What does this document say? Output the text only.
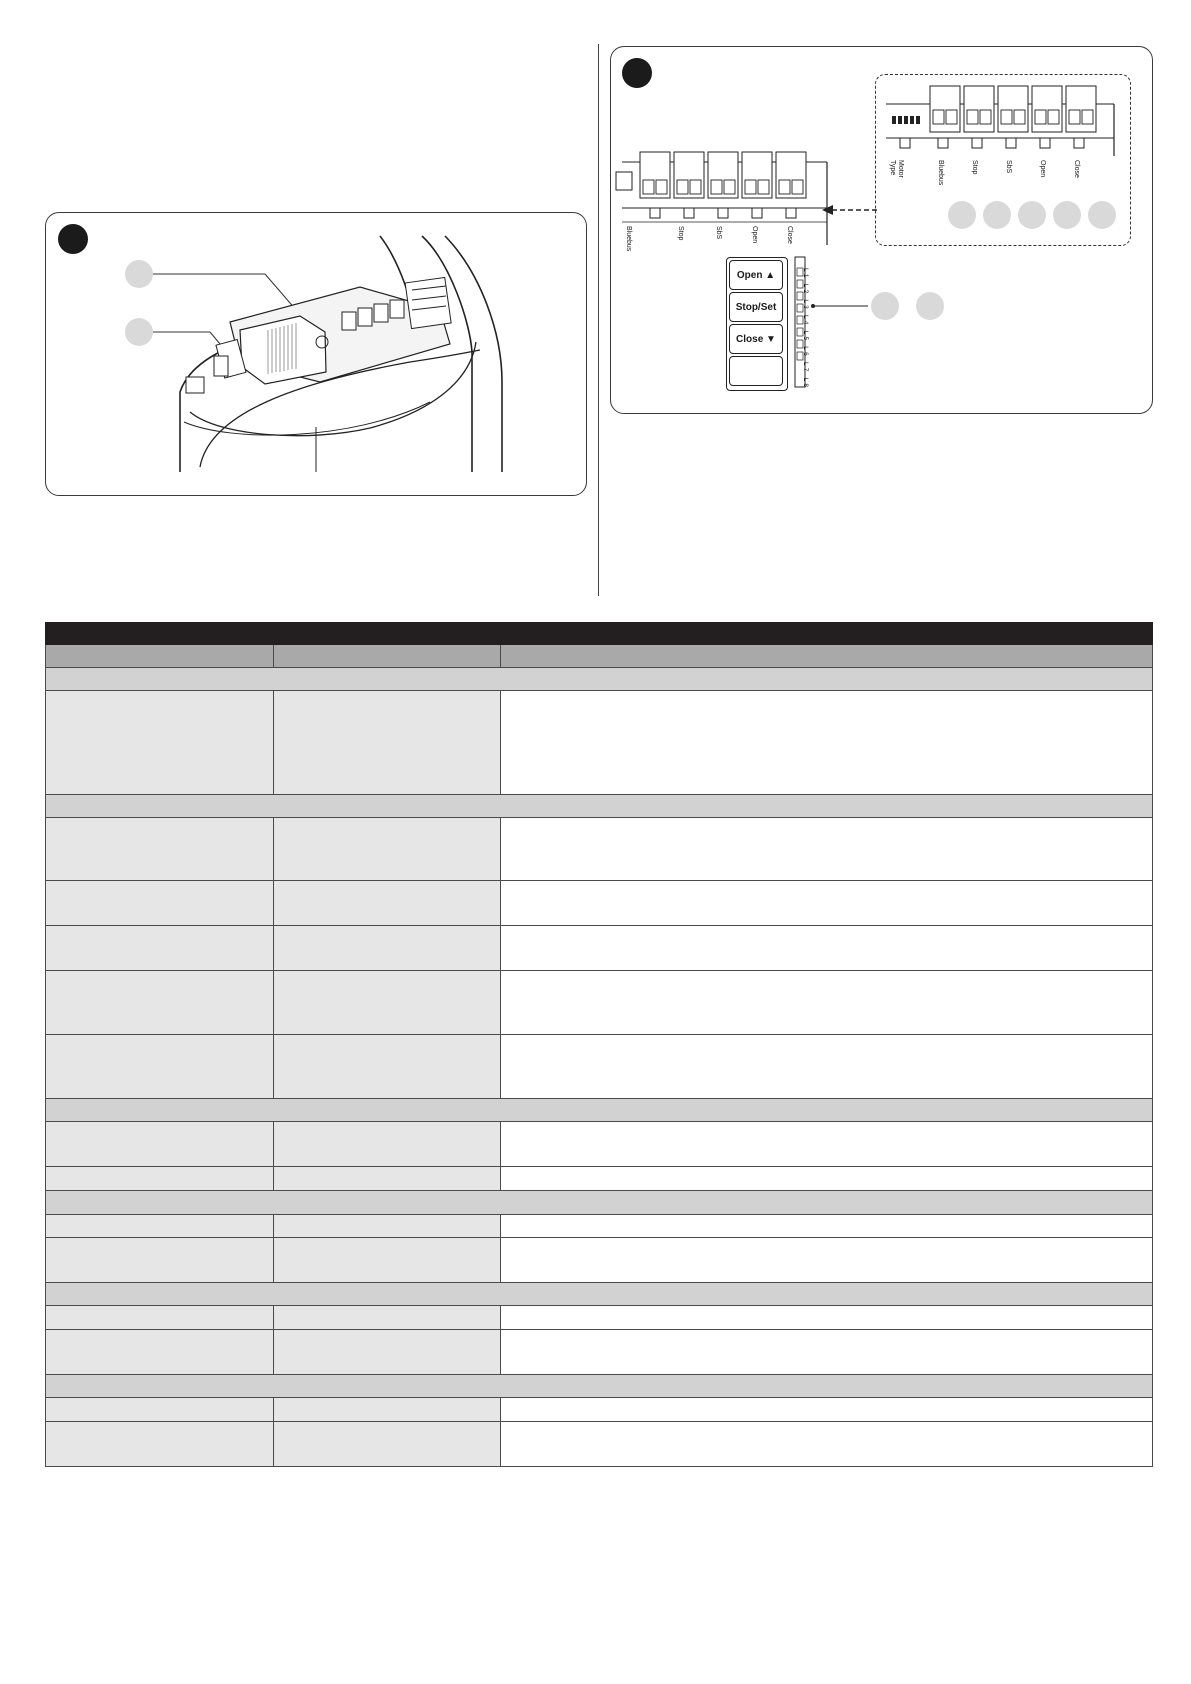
Bluebus	Stop	SbS	Open	Close
Open ▲
Stop/Set
Close ▼
L1 L2 L3 L4 L5 L6 L7 L8
Motor Type	Bluebus	Stop	SbS	Open	Close
